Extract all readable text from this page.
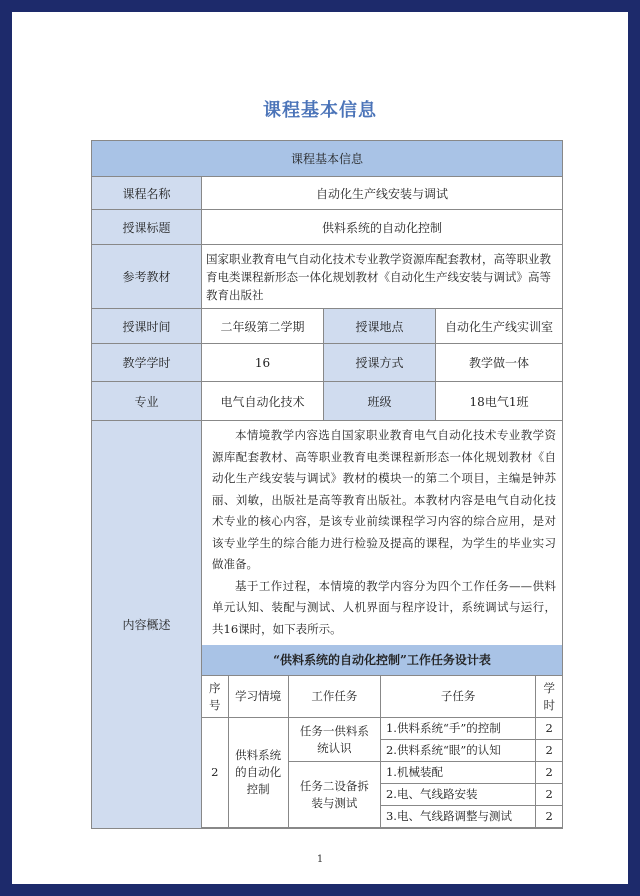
课程基本信息
课程基本信息
课程名称	自动化生产线安装与调试
授课标题	供料系统的自动化控制
参考教材	国家职业教育电气自动化技术专业教学资源库配套教材，高等职业教育电类课程新形态一体化规划教材《自动化生产线安装与调试》高等教育出版社
授课时间	二年级第二学期	授课地点	自动化生产线实训室
教学学时	16	授课方式	教学做一体
专业	电气自动化技术	班级	18电气1班
内容概述	

本情境教学内容选自国家职业教育电气自动化技术专业教学资源库配套教材、高等职业教育电类课程新形态一体化规划教材《自动化生产线安装与调试》教材的模块一的第二个项目，主编是钟苏丽、刘敏，出版社是高等教育出版社。本教材内容是电气自动化技术专业的核心内容，是该专业前续课程学习内容的综合应用，是对该专业学生的综合能力进行检验及提高的课程，为学生的毕业实习做准备。

基于工作过程，本情境的教学内容分为四个工作任务——供料单元认知、装配与测试、人机界面与程序设计，系统调试与运行，共16课时，如下表所示。

“供料系统的自动化控制”工作任务设计表
序号	学习情境	工作任务	子任务	学时
2	供料系统的自动化控制	任务一供料系统认识	1.供料系统“手”的控制	2
2.供料系统“眼”的认知	2
任务二设备拆装与测试	1.机械装配	2
2.电、气线路安装	2
3.电、气线路调整与测试	2
1
